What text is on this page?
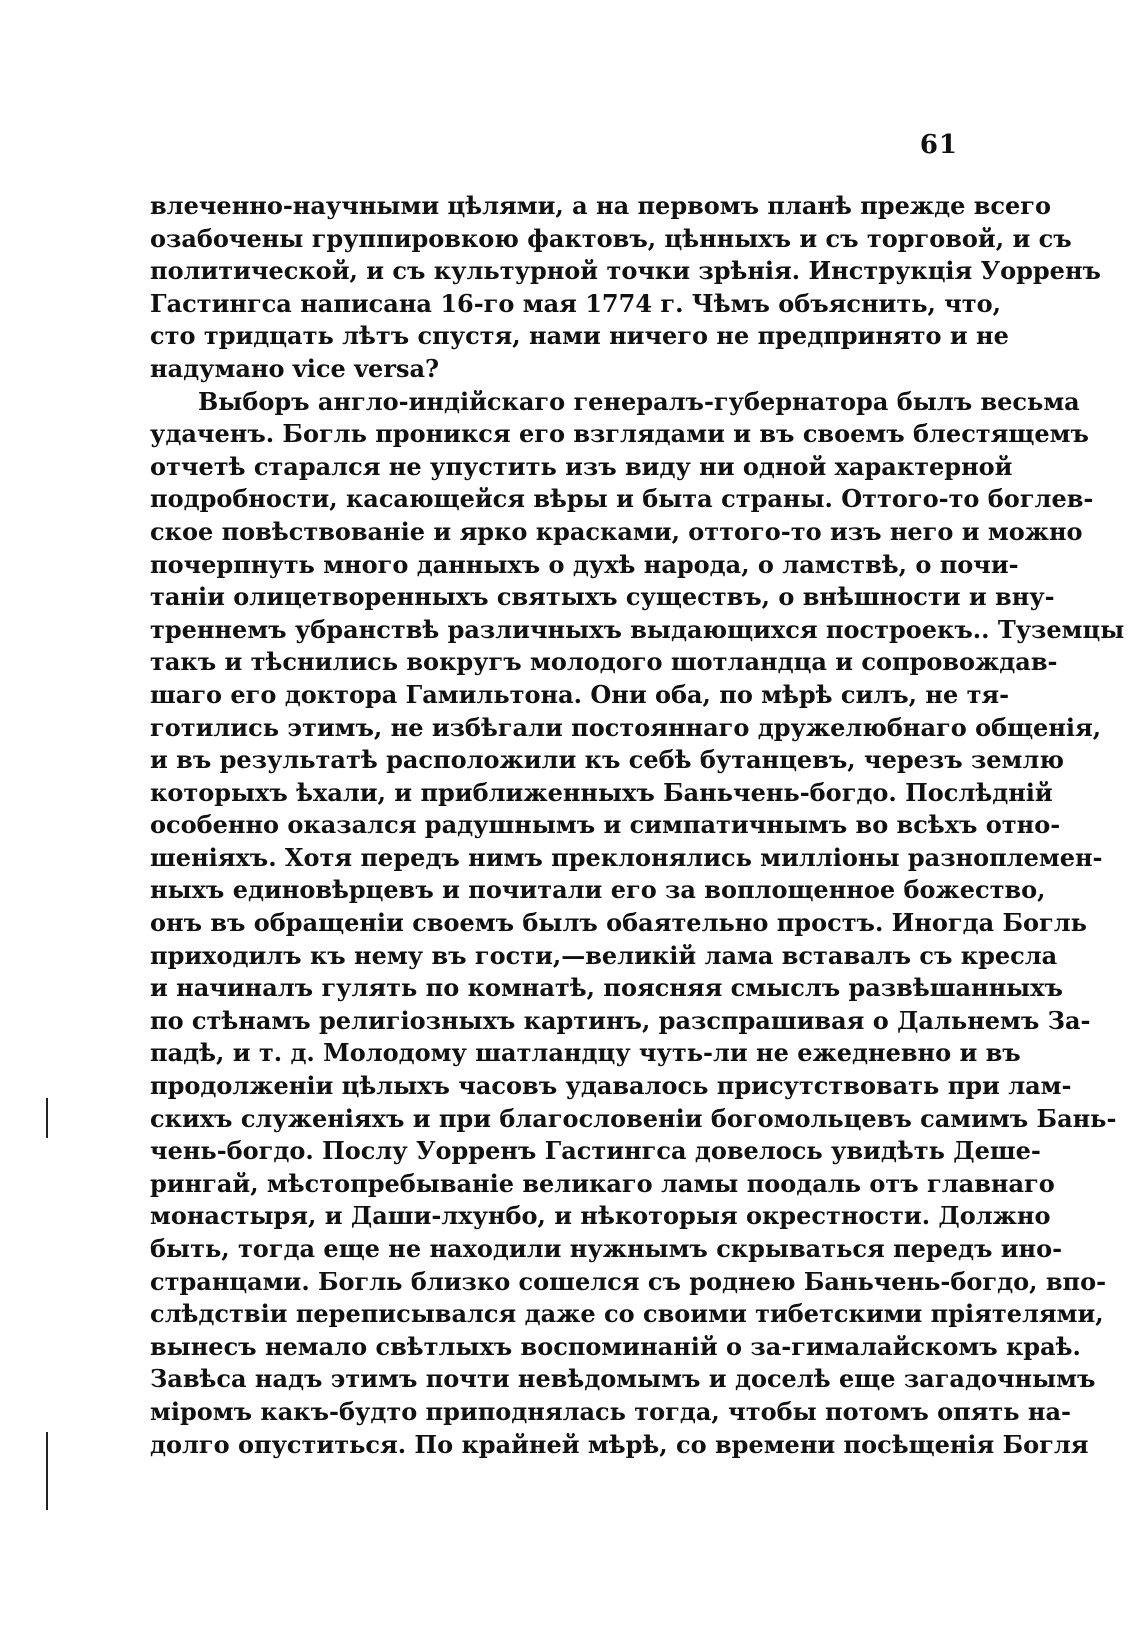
61
влеченно-научными цѣлями, а на первомъ планѣ прежде всего
озабочены группировкою фактовъ, цѣнныхъ и съ торговой, и съ
политической, и съ культурной точки зрѣнія. Инструкція Уорренъ
Гастингса написана 16-го мая 1774 г. Чѣмъ объяснить, что,
сто тридцать лѣтъ спустя, нами ничего не предпринято и не
надумано vice versa?
Выборъ англо-индійскаго генералъ-губернатора былъ весьма
удаченъ. Богль проникся его взглядами и въ своемъ блестящемъ
отчетѣ старался не упустить изъ виду ни одной характерной
подробности, касающейся вѣры и быта страны. Оттого-то боглев-
ское повѣствованіе и ярко красками, оттого-то изъ него и можно
почерпнуть много данныхъ о духѣ народа, о ламствѣ, о почи-
таніи олицетворенныхъ святыхъ существъ, о внѣшности и вну-
треннемъ убранствѣ различныхъ выдающихся построекъ.. Туземцы
такъ и тѣснились вокругъ молодого шотландца и сопровождав-
шаго его доктора Гамильтона. Они оба, по мѣрѣ силъ, не тя-
готились этимъ, не избѣгали постояннаго дружелюбнаго общенія,
и въ результатѣ расположили къ себѣ бутанцевъ, черезъ землю
которыхъ ѣхали, и приближенныхъ Баньчень-богдо. Послѣдній
особенно оказался радушнымъ и симпатичнымъ во всѣхъ отно-
шеніяхъ. Хотя передъ нимъ преклонялись милліоны разноплемен-
ныхъ единовѣрцевъ и почитали его за воплощенное божество,
онъ въ обращеніи своемъ былъ обаятельно простъ. Иногда Богль
приходилъ къ нему въ гости,—великій лама вставалъ съ кресла
и начиналъ гулять по комнатѣ, поясняя смыслъ развѣшанныхъ
по стѣнамъ религіозныхъ картинъ, разспрашивая о Дальнемъ За-
падѣ, и т. д. Молодому шатландцу чуть-ли не ежедневно и въ
продолженіи цѣлыхъ часовъ удавалось присутствовать при лам-
скихъ служеніяхъ и при благословеніи богомольцевъ самимъ Бань-
чень-богдо. Послу Уорренъ Гастингса довелось увидѣть Деше-
рингай, мѣстопребываніе великаго ламы поодаль отъ главнаго
монастыря, и Даши-лхунбо, и нѣкоторыя окрестности. Должно
быть, тогда еще не находили нужнымъ скрываться передъ ино-
странцами. Богль близко сошелся съ роднею Баньчень-богдо, впо-
слѣдствіи переписывался даже со своими тибетскими пріятелями,
вынесъ немало свѣтлыхъ воспоминаній о за-гималайскомъ краѣ.
Завѣса надъ этимъ почти невѣдомымъ и доселѣ еще загадочнымъ
міромъ какъ-будто приподнялась тогда, чтобы потомъ опять на-
долго опуститься. По крайней мѣрѣ, со времени посѣщенія Богля
